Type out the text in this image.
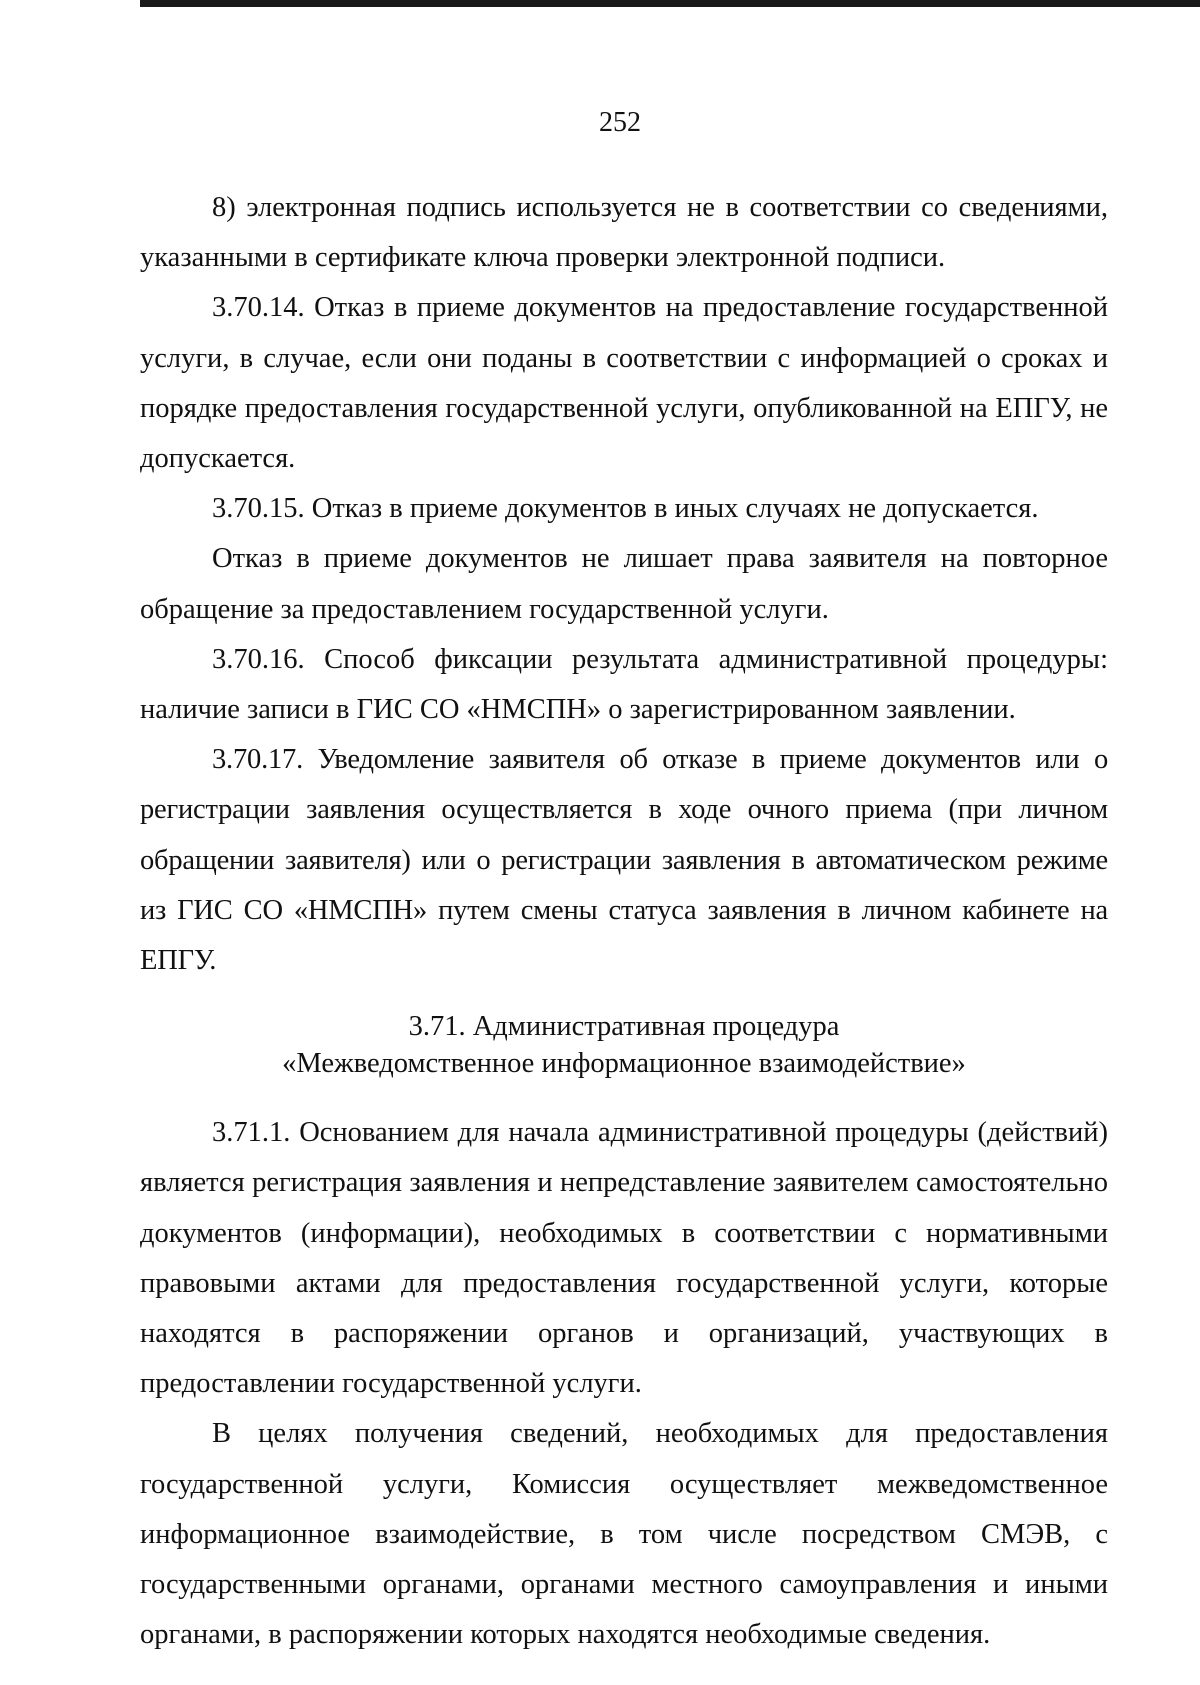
252

8) электронная подпись используется не в соответствии со сведениями, указанными в сертификате ключа проверки электронной подписи.

3.70.14. Отказ в приеме документов на предоставление государственной услуги, в случае, если они поданы в соответствии с информацией о сроках и порядке предоставления государственной услуги, опубликованной на ЕПГУ, не допускается.

3.70.15. Отказ в приеме документов в иных случаях не допускается.

Отказ в приеме документов не лишает права заявителя на повторное обращение за предоставлением государственной услуги.

3.70.16. Способ фиксации результата административной процедуры: наличие записи в ГИС СО «НМСПН» о зарегистрированном заявлении.

3.70.17. Уведомление заявителя об отказе в приеме документов или о регистрации заявления осуществляется в ходе очного приема (при личном обращении заявителя) или о регистрации заявления в автоматическом режиме из ГИС СО «НМСПН» путем смены статуса заявления в личном кабинете на ЕПГУ.

3.71. Административная процедура
«Межведомственное информационное взаимодействие»

3.71.1. Основанием для начала административной процедуры (действий) является регистрация заявления и непредставление заявителем самостоятельно документов (информации), необходимых в соответствии с нормативными правовыми актами для предоставления государственной услуги, которые находятся в распоряжении органов и организаций, участвующих в предоставлении государственной услуги.

В целях получения сведений, необходимых для предоставления государственной услуги, Комиссия осуществляет межведомственное информационное взаимодействие, в том числе посредством СМЭВ, с государственными органами, органами местного самоуправления и иными органами, в распоряжении которых находятся необходимые сведения.
